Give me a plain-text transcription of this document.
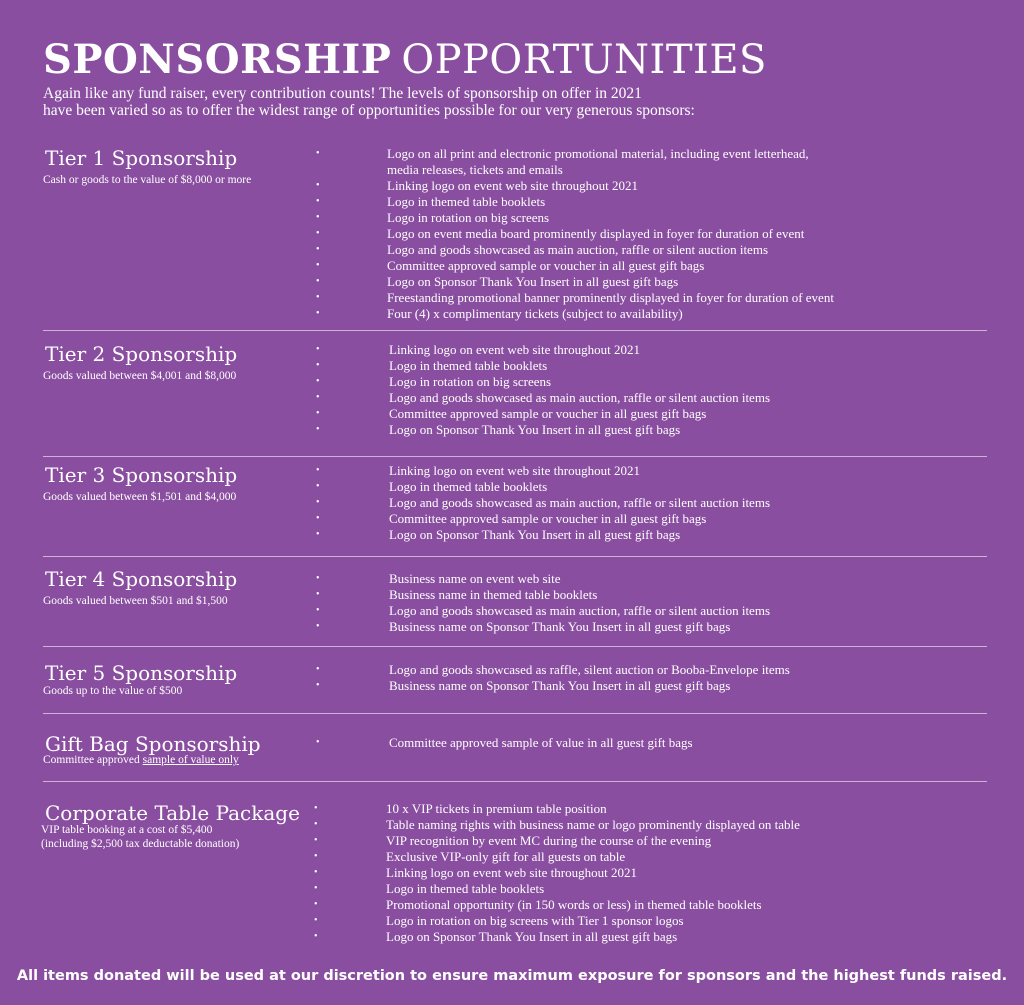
SPONSORSHIP OPPORTUNITIES
Again like any fund raiser, every contribution counts! The levels of sponsorship on offer in 2021
have been varied so as to offer the widest range of opportunities possible for our very generous sponsors:
Tier 1 Sponsorship
Cash or goods to the value of $8,000 or more
•	Logo on all print and electronic promotional material, including event letterhead,
media releases, tickets and emails
•	Linking logo on event web site throughout 2021
•	Logo in themed table booklets
•	Logo in rotation on big screens
•	Logo on event media board prominently displayed in foyer for duration of event
•	Logo and goods showcased as main auction, raffle or silent auction items
•	Committee approved sample or voucher in all guest gift bags
•	Logo on Sponsor Thank You Insert in all guest gift bags
•	Freestanding promotional banner prominently displayed in foyer for duration of event
•	Four (4) x complimentary tickets (subject to availability)
Tier 2 Sponsorship
Goods valued between $4,001 and $8,000
•	Linking logo on event web site throughout 2021
•	Logo in themed table booklets
•	Logo in rotation on big screens
•	Logo and goods showcased as main auction, raffle or silent auction items
•	Committee approved sample or voucher in all guest gift bags
•	Logo on Sponsor Thank You Insert in all guest gift bags
Tier 3 Sponsorship
Goods valued between $1,501 and $4,000
•	Linking logo on event web site throughout 2021
•	Logo in themed table booklets
•	Logo and goods showcased as main auction, raffle or silent auction items
•	Committee approved sample or voucher in all guest gift bags
•	Logo on Sponsor Thank You Insert in all guest gift bags
Tier 4 Sponsorship
Goods valued between $501 and $1,500
•	Business name on event web site
•	Business name in themed table booklets
•	Logo and goods showcased as main auction, raffle or silent auction items
•	Business name on Sponsor Thank You Insert in all guest gift bags
Tier 5 Sponsorship
Goods up to the value of $500
•	Logo and goods showcased as raffle, silent auction or Booba-Envelope items
•	Business name on Sponsor Thank You Insert in all guest gift bags
Gift Bag Sponsorship
Committee approved sample of value only
•	Committee approved sample of value in all guest gift bags
Corporate Table Package
VIP table booking at a cost of $5,400
(including $2,500 tax deductable donation)
•	10 x VIP tickets in premium table position
•	Table naming rights with business name or logo prominently displayed on table
•	VIP recognition by event MC during the course of the evening
•	Exclusive VIP-only gift for all guests on table
•	Linking logo on event web site throughout 2021
•	Logo in themed table booklets
•	Promotional opportunity (in 150 words or less) in themed table booklets
•	Logo in rotation on big screens with Tier 1 sponsor logos
•	Logo on Sponsor Thank You Insert in all guest gift bags
All items donated will be used at our discretion to ensure maximum exposure for sponsors and the highest funds raised.
